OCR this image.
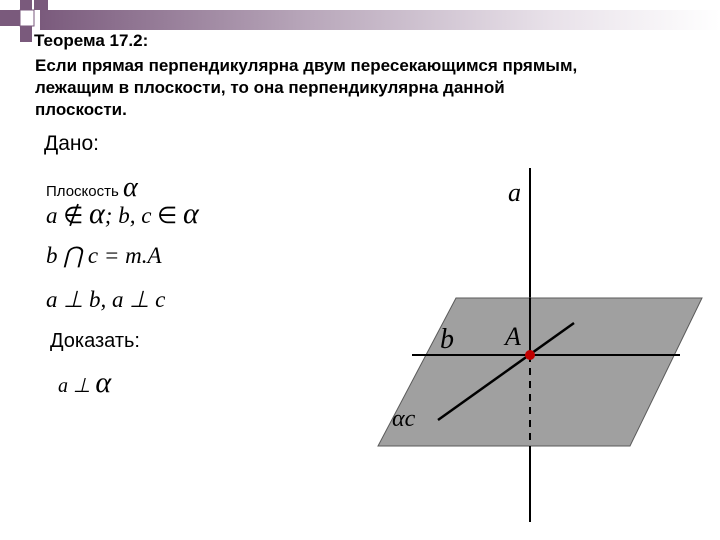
Теорема 17.2:
Если прямая перпендикулярна двум пересекающимся прямым,
лежащим в плоскости, то она перпендикулярна данной
плоскости.
Дано:
Плоскость α
a ∉ α; b, c ∈ α
b ⋂ c = m.A
a ⊥ b, a ⊥ c
Доказать:
a ⊥ α
a
b A
αc
